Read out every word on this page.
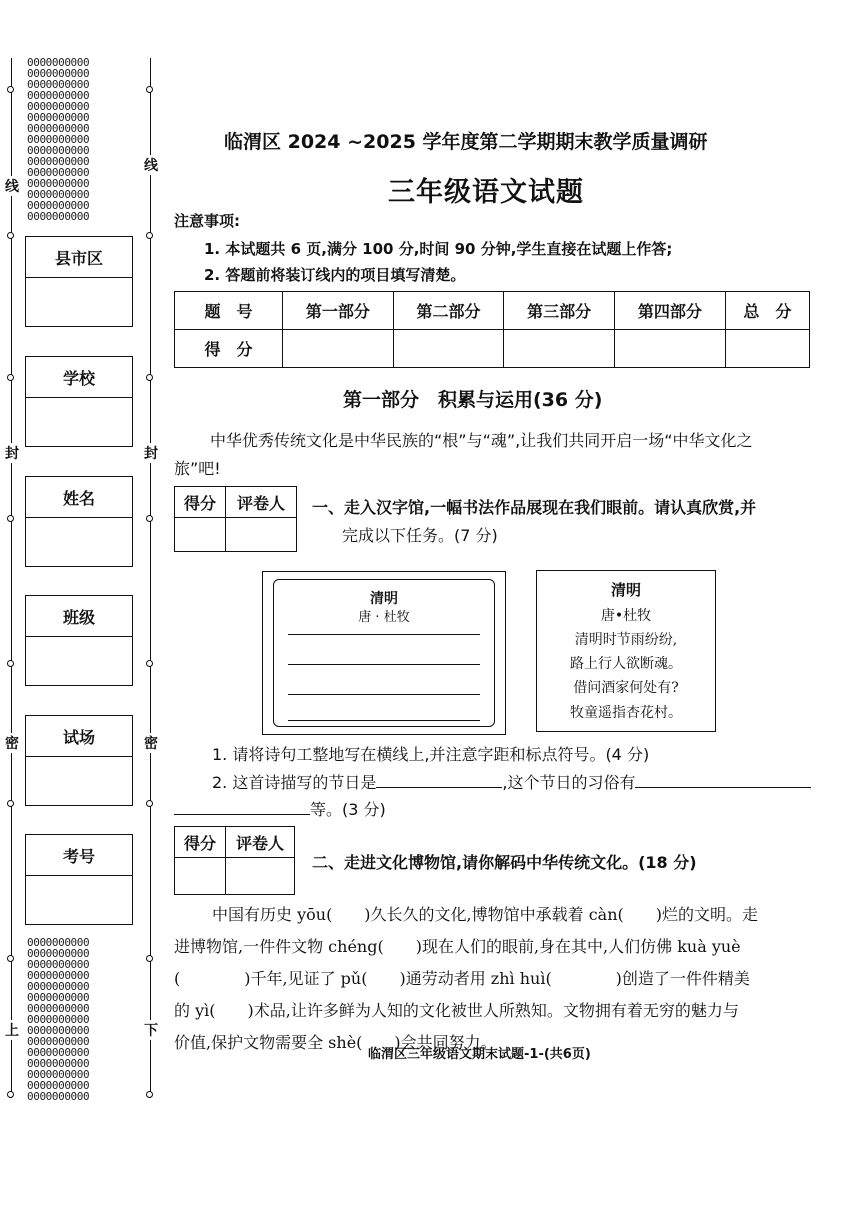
0000000000
0000000000
0000000000
0000000000
0000000000
0000000000
0000000000
0000000000
0000000000
0000000000
0000000000
0000000000
0000000000
0000000000
0000000000
0000000000
0000000000
0000000000
0000000000
0000000000
0000000000
0000000000
0000000000
0000000000
0000000000
0000000000
0000000000
0000000000
0000000000
0000000000
线
封
密
上
线
封
密
下
县市区
学校
姓名
班级
试场
考号
临渭区 2024 ~2025 学年度第二学期期末教学质量调研
三年级语文试题
注意事项:
1. 本试题共 6 页,满分 100 分,时间 90 分钟,学生直接在试题上作答;
2. 答题前将装订线内的项目填写清楚。
题　号	第一部分	第二部分	第三部分	第四部分	总　分
得　分					
第一部分　积累与运用(36 分)
中华优秀传统文化是中华民族的“根”与“魂”,让我们共同开启一场“中华文化之
旅”吧!
得分	评卷人
	一、走入汉字馆,一幅书法作品展现在我们眼前。请认真欣赏,并
完成以下任务。(7 分)
清明
唐 · 杜牧
清明
唐•杜牧
清明时节雨纷纷,
路上行人欲断魂。
借问酒家何处有?
牧童遥指杏花村。
1. 请将诗句工整地写在横线上,并注意字距和标点符号。(4 分)
2. 这首诗描写的节日是	,这个节日的习俗有
等。(3 分)
得分	评卷人

二、走进文化博物馆,请你解码中华传统文化。(18 分)
中国有历史 yōu(　　)久长久的文化,博物馆中承载着 càn(　　)烂的文明。走
进博物馆,一件件文物 chéng(　　)现在人们的眼前,身在其中,人们仿佛 kuà yuè
(　　　　)千年,见证了 pǔ(　　)通劳动者用 zhì huì(　　　　)创造了一件件精美
的 yì(　　)术品,让许多鲜为人知的文化被世人所熟知。文物拥有着无穷的魅力与
价值,保护文物需要全 shè(　　)会共同努力。
临渭区三年级语文期末试题-1-(共6页)
